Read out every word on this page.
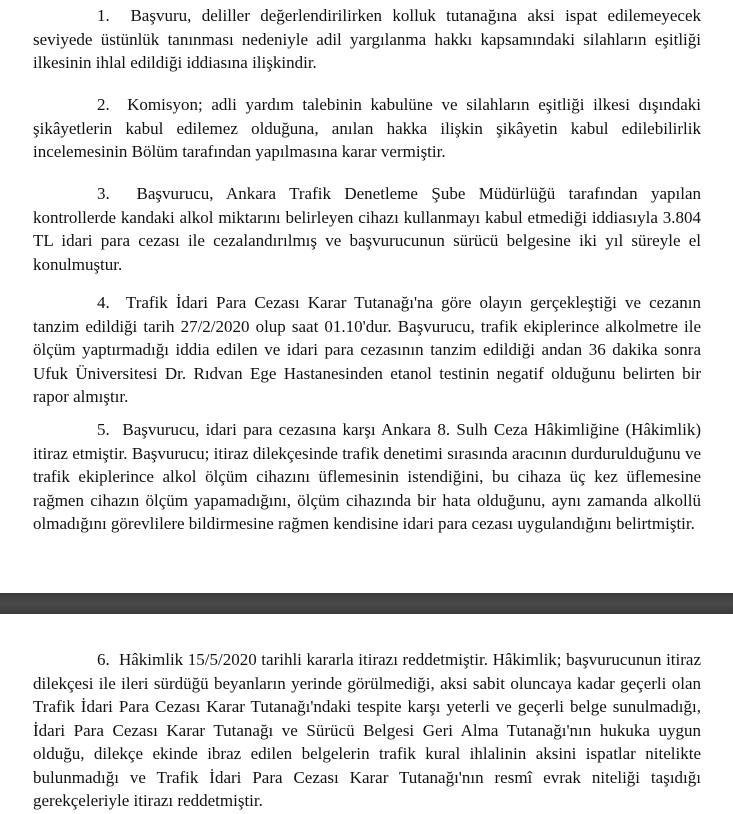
1. Başvuru, deliller değerlendirilirken kolluk tutanağına aksi ispat edilemeyecek seviyede üstünlük tanınması nedeniyle adil yargılanma hakkı kapsamındaki silahların eşitliği ilkesinin ihlal edildiği iddiasına ilişkindir.

2. Komisyon; adli yardım talebinin kabulüne ve silahların eşitliği ilkesi dışındaki şikâyetlerin kabul edilemez olduğuna, anılan hakka ilişkin şikâyetin kabul edilebilirlik incelemesinin Bölüm tarafından yapılmasına karar vermiştir.

3. Başvurucu, Ankara Trafik Denetleme Şube Müdürlüğü tarafından yapılan kontrollerde kandaki alkol miktarını belirleyen cihazı kullanmayı kabul etmediği iddiasıyla 3.804 TL idari para cezası ile cezalandırılmış ve başvurucunun sürücü belgesine iki yıl süreyle el konulmuştur.

4. Trafik İdari Para Cezası Karar Tutanağı'na göre olayın gerçekleştiği ve cezanın tanzim edildiği tarih 27/2/2020 olup saat 01.10'dur. Başvurucu, trafik ekiplerince alkolmetre ile ölçüm yaptırmadığı iddia edilen ve idari para cezasının tanzim edildiği andan 36 dakika sonra Ufuk Üniversitesi Dr. Rıdvan Ege Hastanesinden etanol testinin negatif olduğunu belirten bir rapor almıştır.

5. Başvurucu, idari para cezasına karşı Ankara 8. Sulh Ceza Hâkimliğine (Hâkimlik) itiraz etmiştir. Başvurucu; itiraz dilekçesinde trafik denetimi sırasında aracının durdurulduğunu ve trafik ekiplerince alkol ölçüm cihazını üflemesinin istendiğini, bu cihaza üç kez üflemesine rağmen cihazın ölçüm yapamadığını, ölçüm cihazında bir hata olduğunu, aynı zamanda alkollü olmadığını görevlilere bildirmesine rağmen kendisine idari para cezası uygulandığını belirtmiştir.

6. Hâkimlik 15/5/2020 tarihli kararla itirazı reddetmiştir. Hâkimlik; başvurucunun itiraz dilekçesi ile ileri sürdüğü beyanların yerinde görülmediği, aksi sabit oluncaya kadar geçerli olan Trafik İdari Para Cezası Karar Tutanağı'ndaki tespite karşı yeterli ve geçerli belge sunulmadığı, İdari Para Cezası Karar Tutanağı ve Sürücü Belgesi Geri Alma Tutanağı'nın hukuka uygun olduğu, dilekçe ekinde ibraz edilen belgelerin trafik kural ihlalinin aksini ispatlar nitelikte bulunmadığı ve Trafik İdari Para Cezası Karar Tutanağı'nın resmî evrak niteliği taşıdığı gerekçeleriyle itirazı reddetmiştir.
